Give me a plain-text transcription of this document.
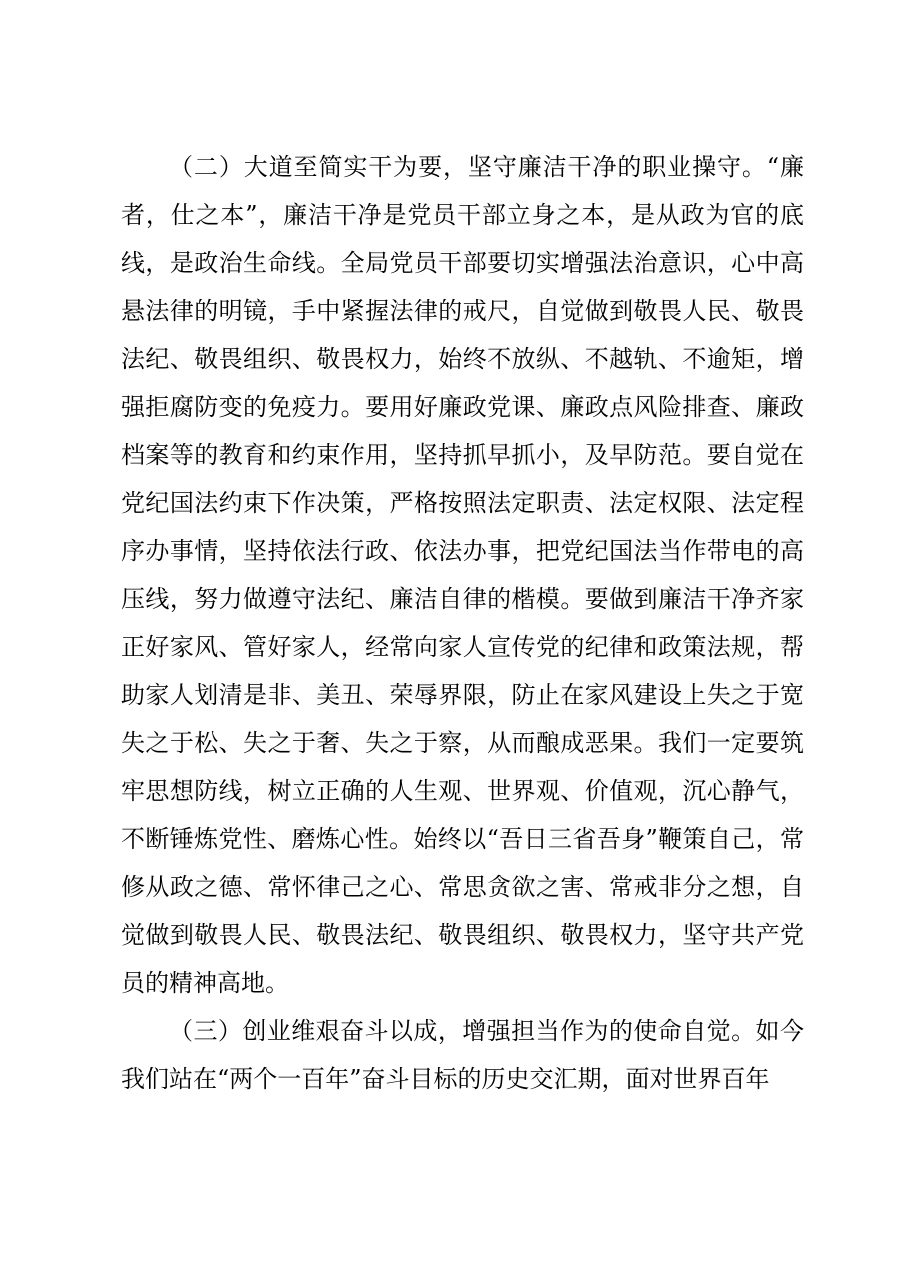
（二）大道至简实干为要，坚守廉洁干净的职业操守。“廉者，仕之本”，廉洁干净是党员干部立身之本，是从政为官的底线，是政治生命线。全局党员干部要切实增强法治意识，心中高悬法律的明镜，手中紧握法律的戒尺，自觉做到敬畏人民、敬畏法纪、敬畏组织、敬畏权力，始终不放纵、不越轨、不逾矩，增强拒腐防变的免疫力。要用好廉政党课、廉政点风险排查、廉政档案等的教育和约束作用，坚持抓早抓小，及早防范。要自觉在党纪国法约束下作决策，严格按照法定职责、法定权限、法定程序办事情，坚持依法行政、依法办事，把党纪国法当作带电的高压线，努力做遵守法纪、廉洁自律的楷模。要做到廉洁干净齐家正好家风、管好家人，经常向家人宣传党的纪律和政策法规，帮助家人划清是非、美丑、荣辱界限，防止在家风建设上失之于宽失之于松、失之于奢、失之于察，从而酿成恶果。我们一定要筑牢思想防线，树立正确的人生观、世界观、价值观，沉心静气，不断锤炼党性、磨炼心性。始终以“吾日三省吾身”鞭策自己，常修从政之德、常怀律己之心、常思贪欲之害、常戒非分之想，自觉做到敬畏人民、敬畏法纪、敬畏组织、敬畏权力，坚守共产党员的精神高地。

（三）创业维艰奋斗以成，增强担当作为的使命自觉。如今我们站在“两个一百年”奋斗目标的历史交汇期，面对世界百年
